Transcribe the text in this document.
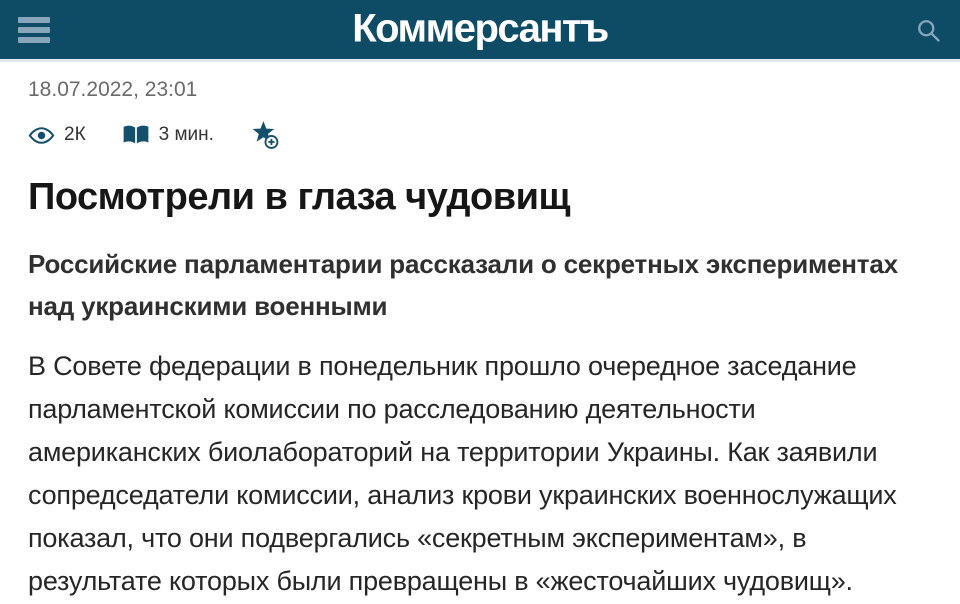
Коммерсантъ
18.07.2022, 23:01
2К	3 мин.
Посмотрели в глаза чудовищ
Российские парламентарии рассказали о секретных экспериментах над украинскими военными

В Совете федерации в понедельник прошло очередное заседание парламентской комиссии по расследованию деятельности американских биолабораторий на территории Украины. Как заявили сопредседатели комиссии, анализ крови украинских военнослужащих показал, что они подвергались «секретным экспериментам», в результате которых были превращены в «жесточайших чудовищ».
